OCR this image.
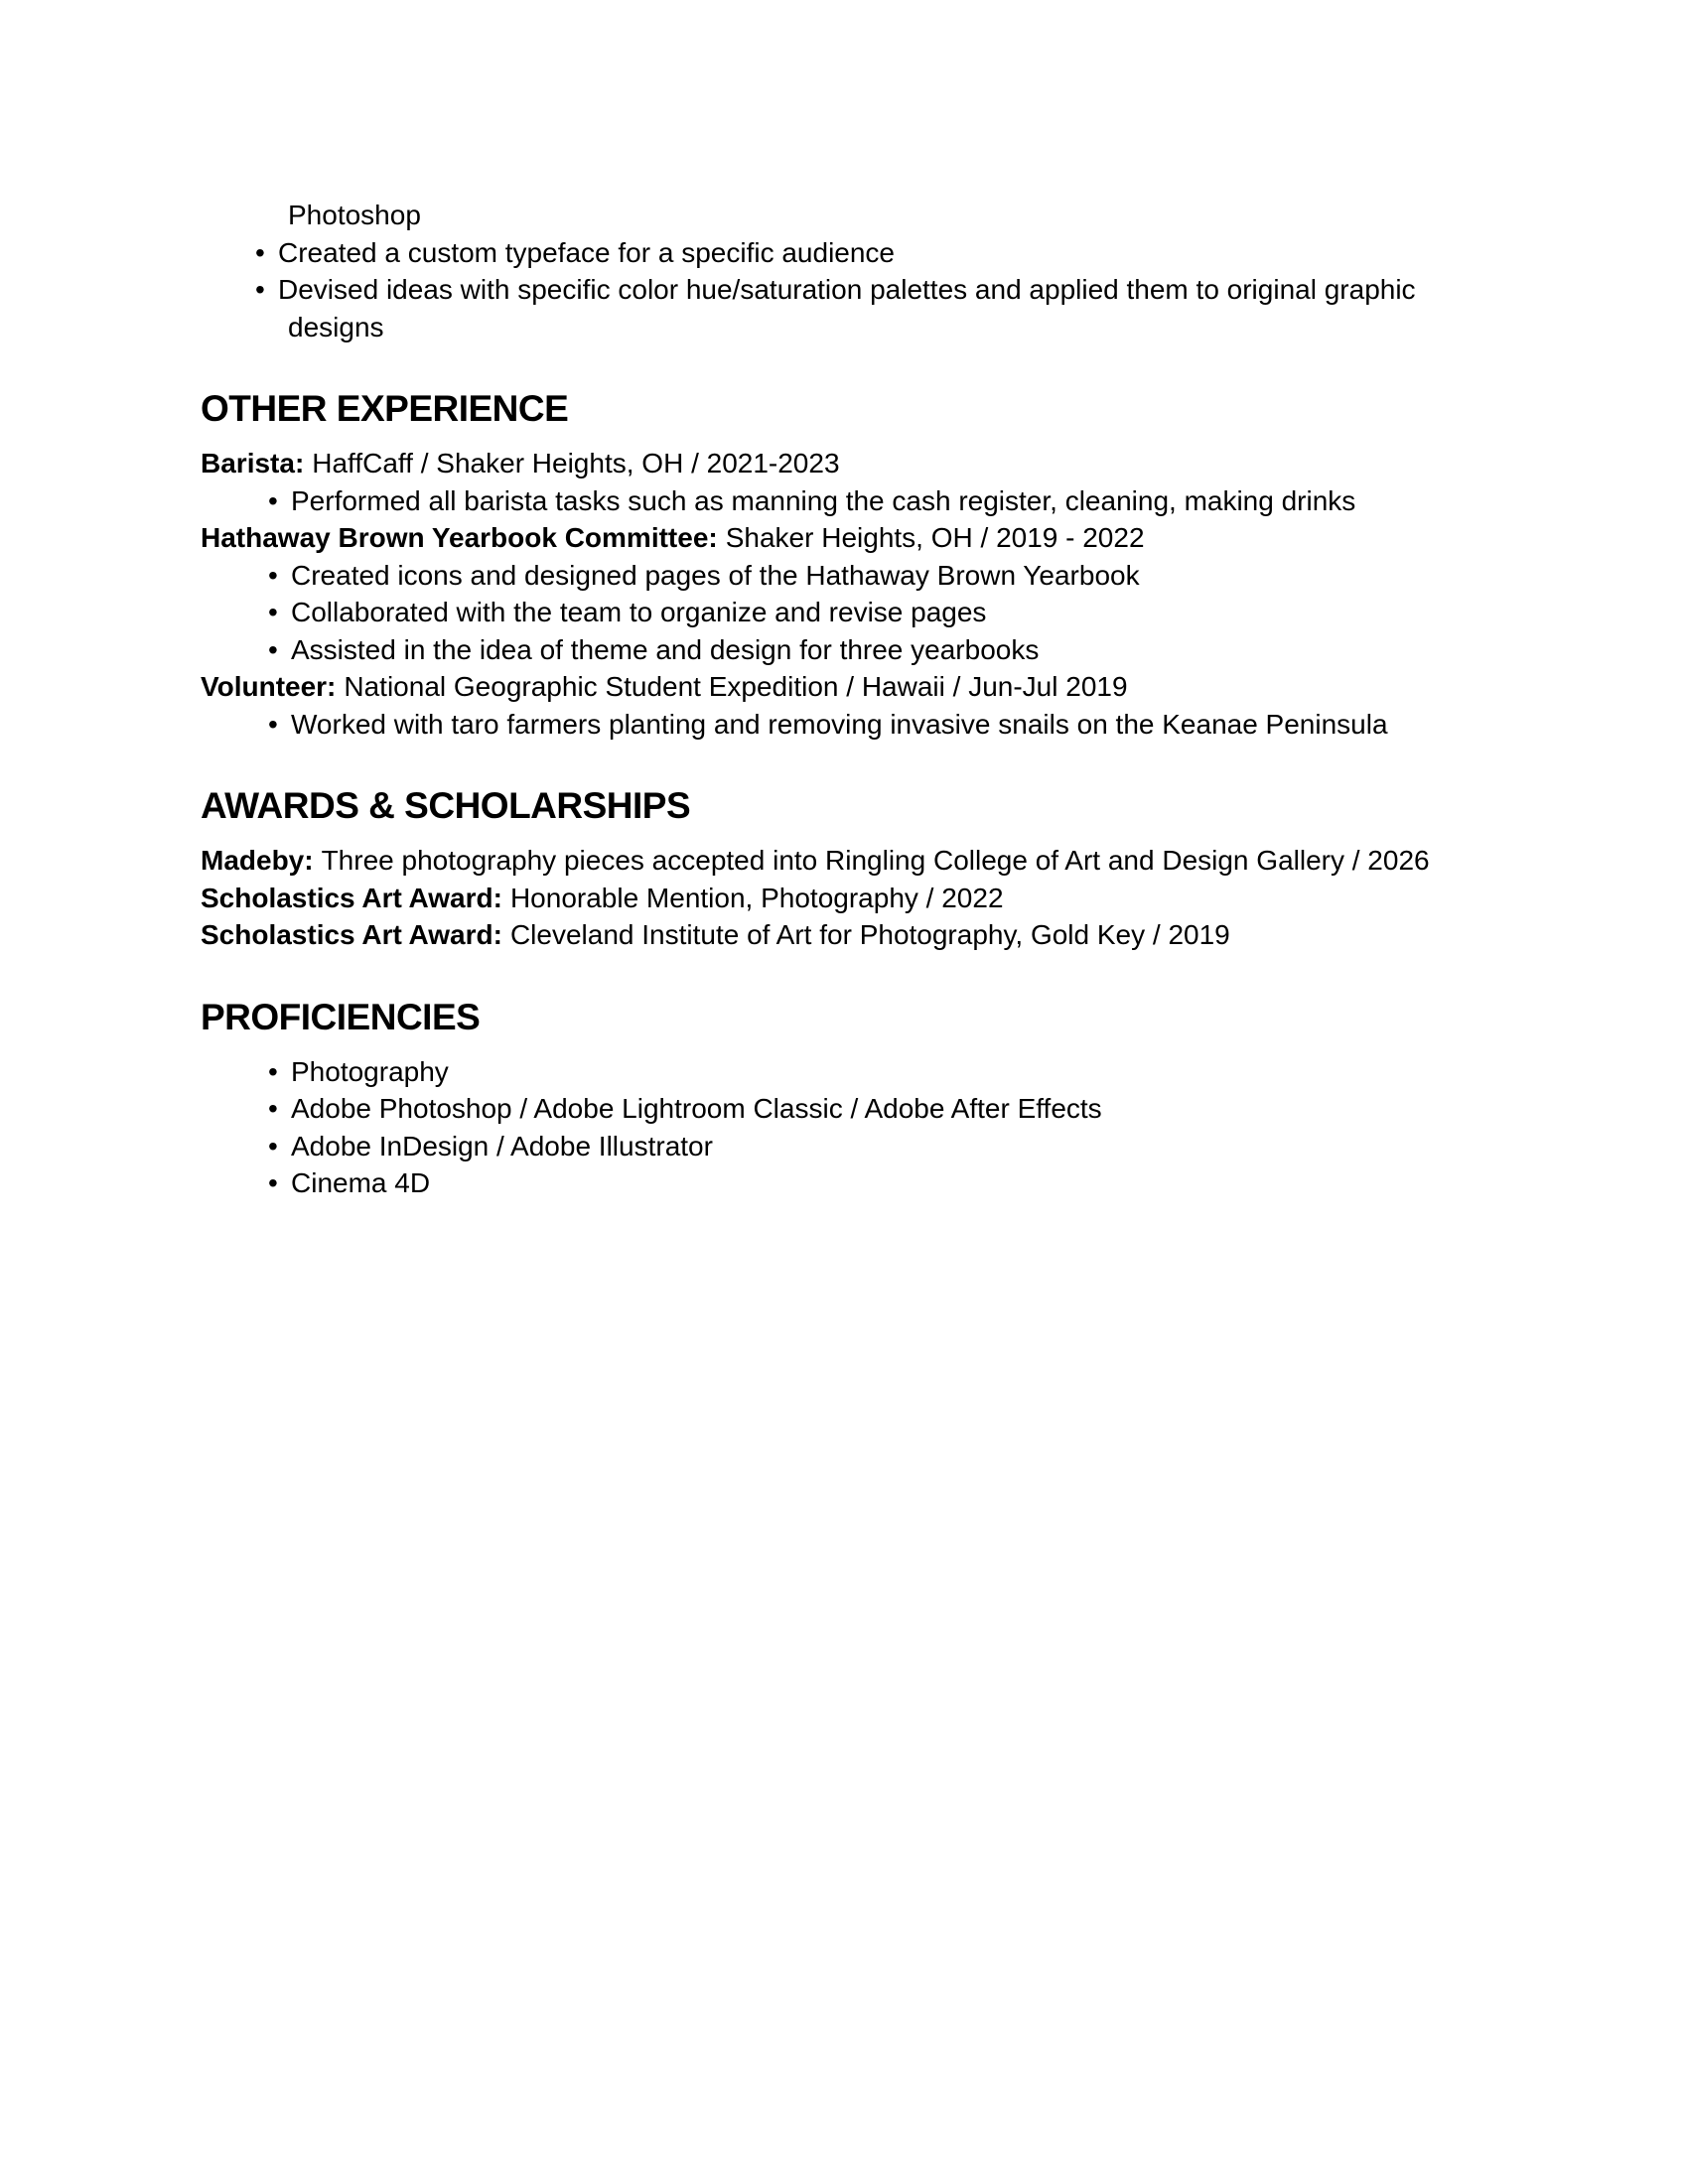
Photoshop

• Created a custom typeface for a specific audience
• Devised ideas with specific color hue/saturation palettes and applied them to original graphic designs
OTHER EXPERIENCE

Barista: HaffCaff / Shaker Heights, OH / 2021-2023

• Performed all barista tasks such as manning the cash register, cleaning, making drinks

Hathaway Brown Yearbook Committee: Shaker Heights, OH / 2019 - 2022

• Created icons and designed pages of the Hathaway Brown Yearbook
• Collaborated with the team to organize and revise pages
• Assisted in the idea of theme and design for three yearbooks

Volunteer: National Geographic Student Expedition / Hawaii / Jun-Jul 2019

• Worked with taro farmers planting and removing invasive snails on the Keanae Peninsula
AWARDS & SCHOLARSHIPS

Madeby: Three photography pieces accepted into Ringling College of Art and Design Gallery / 2026

Scholastics Art Award: Honorable Mention, Photography / 2022

Scholastics Art Award: Cleveland Institute of Art for Photography, Gold Key / 2019

PROFICIENCIES
• Photography
• Adobe Photoshop / Adobe Lightroom Classic / Adobe After Effects
• Adobe InDesign / Adobe Illustrator
• Cinema 4D
